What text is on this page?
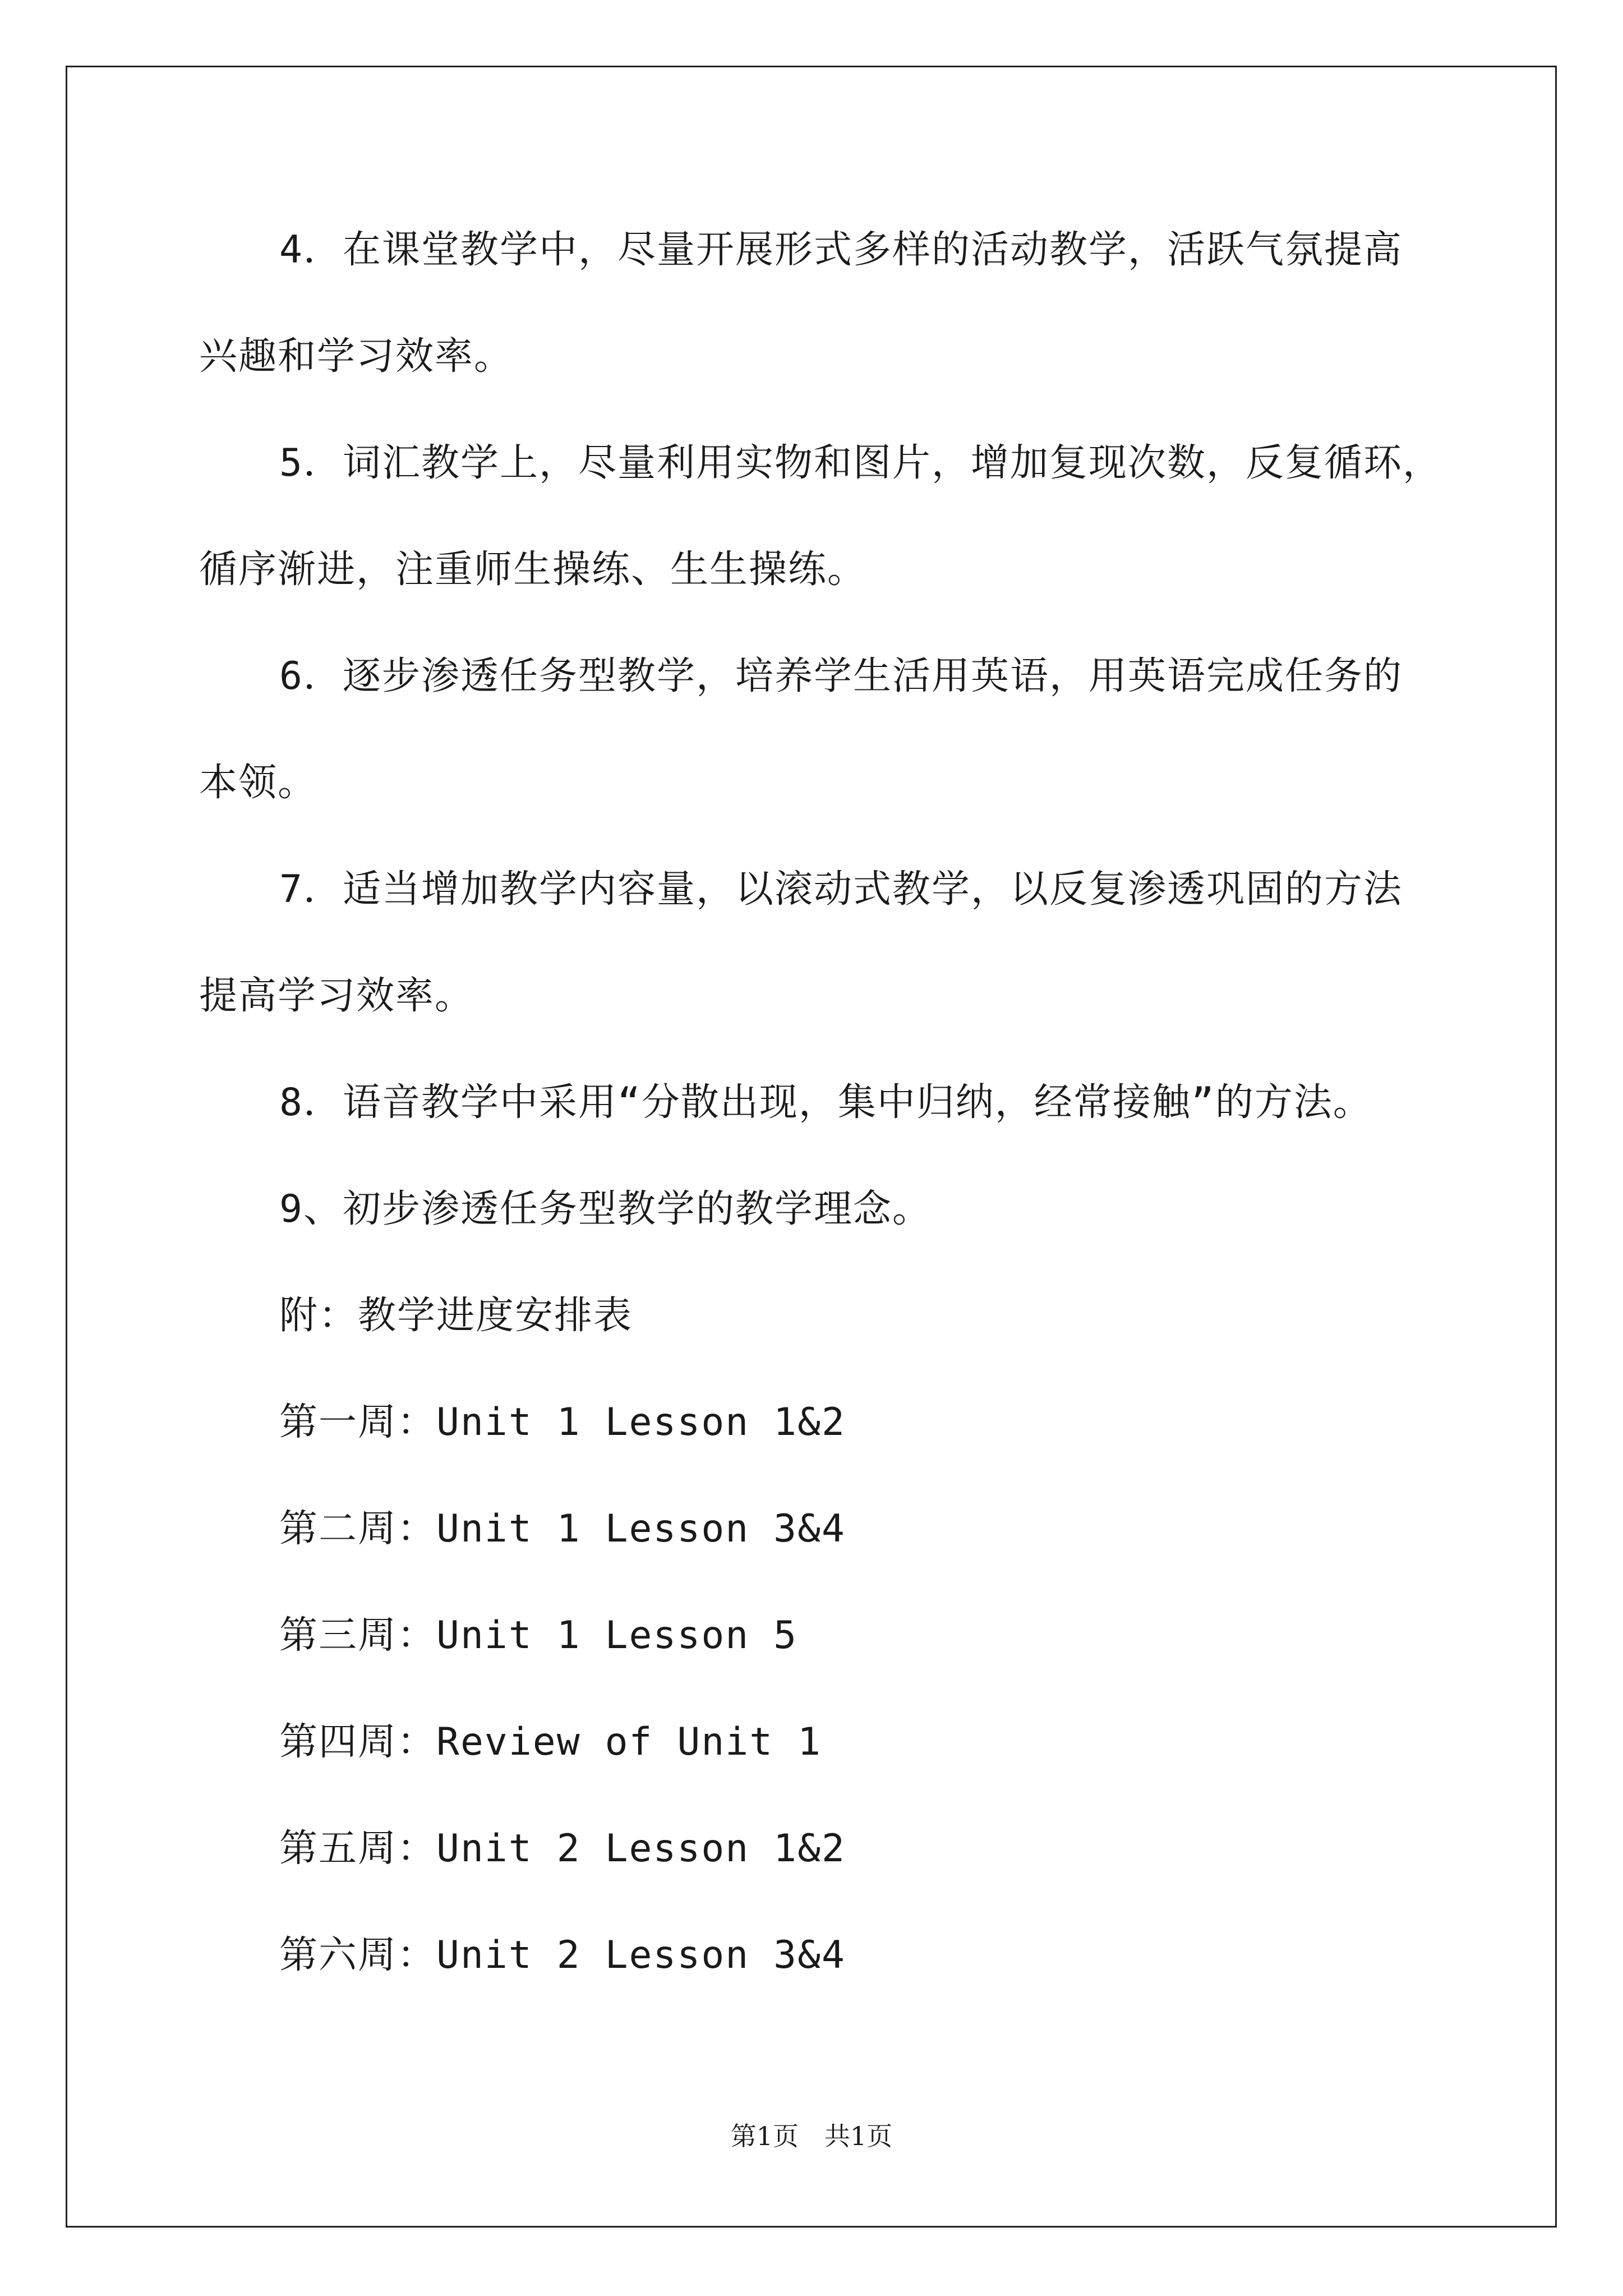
4．在课堂教学中，尽量开展形式多样的活动教学，活跃气氛提高
兴趣和学习效率。
5．词汇教学上，尽量利用实物和图片，增加复现次数，反复循环，
循序渐进，注重师生操练、生生操练。
6．逐步渗透任务型教学，培养学生活用英语，用英语完成任务的
本领。
7．适当增加教学内容量，以滚动式教学，以反复渗透巩固的方法
提高学习效率。
8．语音教学中采用“分散出现，集中归纳，经常接触”的方法。
9、初步渗透任务型教学的教学理念。
附：教学进度安排表
第一周：Unit 1 Lesson 1&2
第二周：Unit 1 Lesson 3&4
第三周：Unit 1 Lesson 5
第四周：Review of Unit 1
第五周：Unit 2 Lesson 1&2
第六周：Unit 2 Lesson 3&4
第1页　共1页
